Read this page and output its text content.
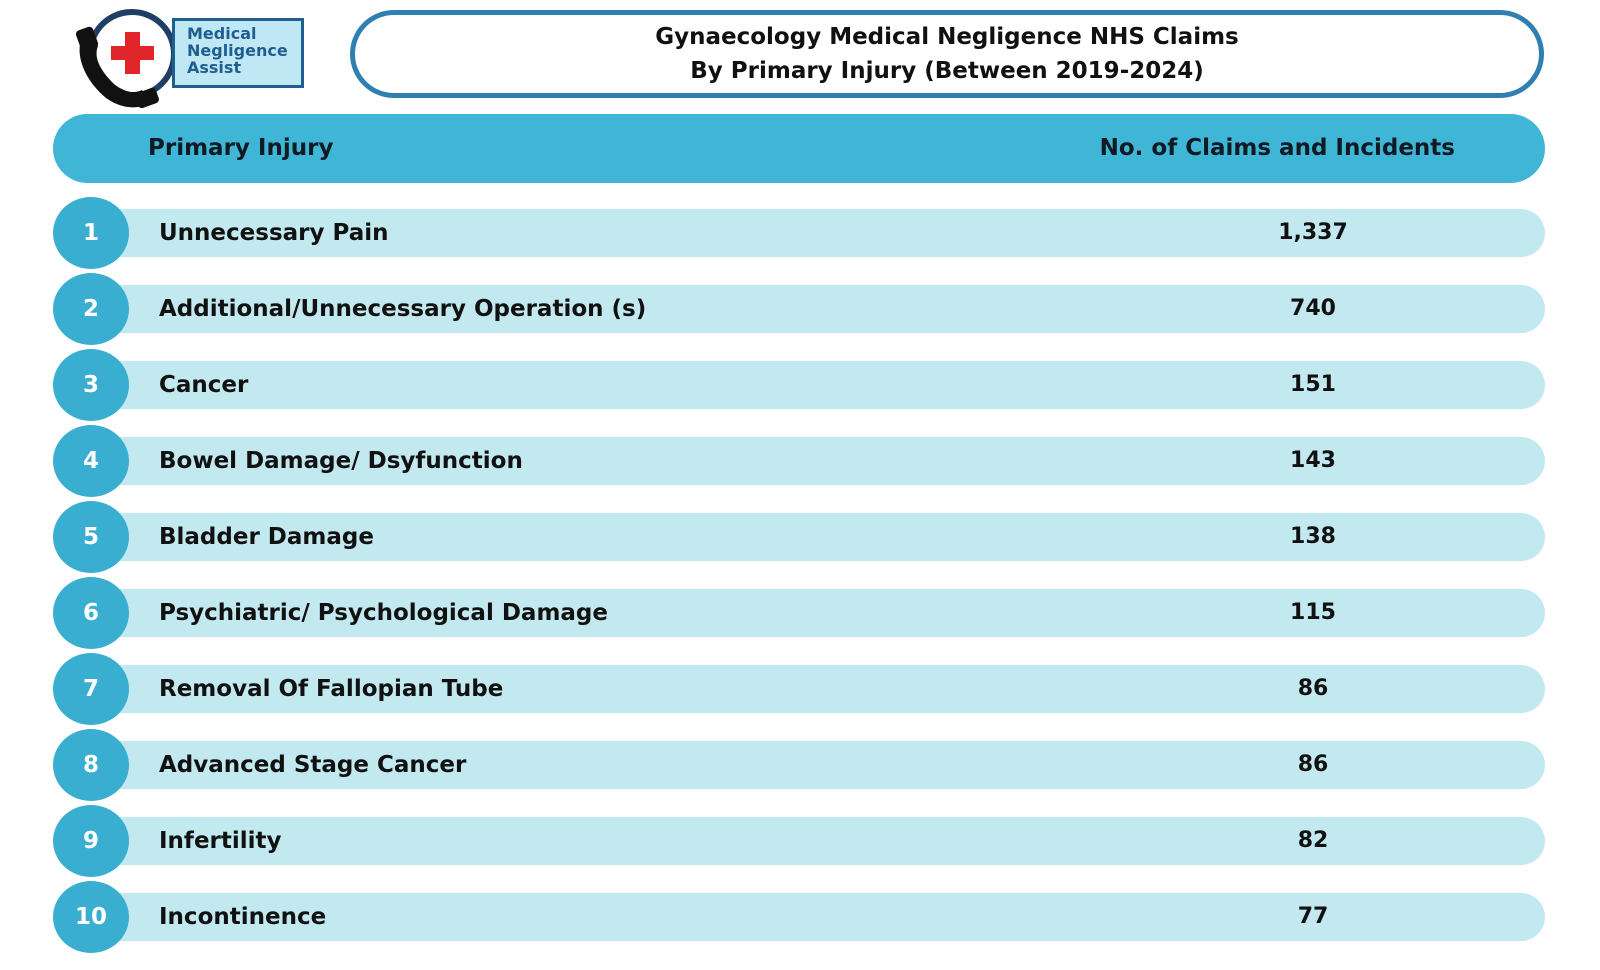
Medical
Negligence
Assist
Gynaecology Medical Negligence NHS Claims
By Primary Injury (Between 2019-2024)
Primary Injury	No. of Claims and Incidents
1	Unnecessary Pain	1,337
2	Additional/Unnecessary Operation (s)	740
3	Cancer	151
4	Bowel Damage/ Dsyfunction	143
5	Bladder Damage	138
6	Psychiatric/ Psychological Damage	115
7	Removal Of Fallopian Tube	86
8	Advanced Stage Cancer	86
9	Infertility	82
10	Incontinence	77
